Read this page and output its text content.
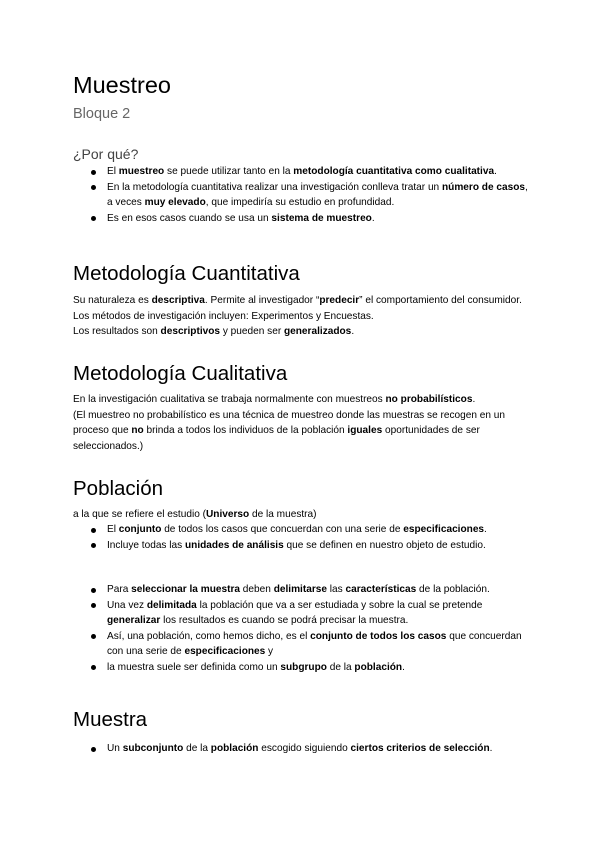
Muestreo
Bloque 2
¿Por qué?
El muestreo se puede utilizar tanto en la metodología cuantitativa como cualitativa.
En la metodología cuantitativa realizar una investigación conlleva tratar un número de casos, a veces muy elevado, que impediría su estudio en profundidad.
Es en esos casos cuando se usa un sistema de muestreo.
Metodología Cuantitativa

Su naturaleza es descriptiva. Permite al investigador “predecir” el comportamiento del consumidor. Los métodos de investigación incluyen: Experimentos y Encuestas.
Los resultados son descriptivos y pueden ser generalizados.

Metodología Cualitativa

En la investigación cualitativa se trabaja normalmente con muestreos no probabilísticos.
(El muestreo no probabilístico es una técnica de muestreo donde las muestras se recogen en un proceso que no brinda a todos los individuos de la población iguales oportunidades de ser seleccionados.)

Población

a la que se refiere el estudio (Universo de la muestra)

El conjunto de todos los casos que concuerdan con una serie de especificaciones.
Incluye todas las unidades de análisis que se definen en nuestro objeto de estudio.
Para seleccionar la muestra deben delimitarse las características de la población.
Una vez delimitada la población que va a ser estudiada y sobre la cual se pretende generalizar los resultados es cuando se podrá precisar la muestra.
Así, una población, como hemos dicho, es el conjunto de todos los casos que concuerdan con una serie de especificaciones y
la muestra suele ser definida como un subgrupo de la población.
Muestra
Un subconjunto de la población escogido siguiendo ciertos criterios de selección.
